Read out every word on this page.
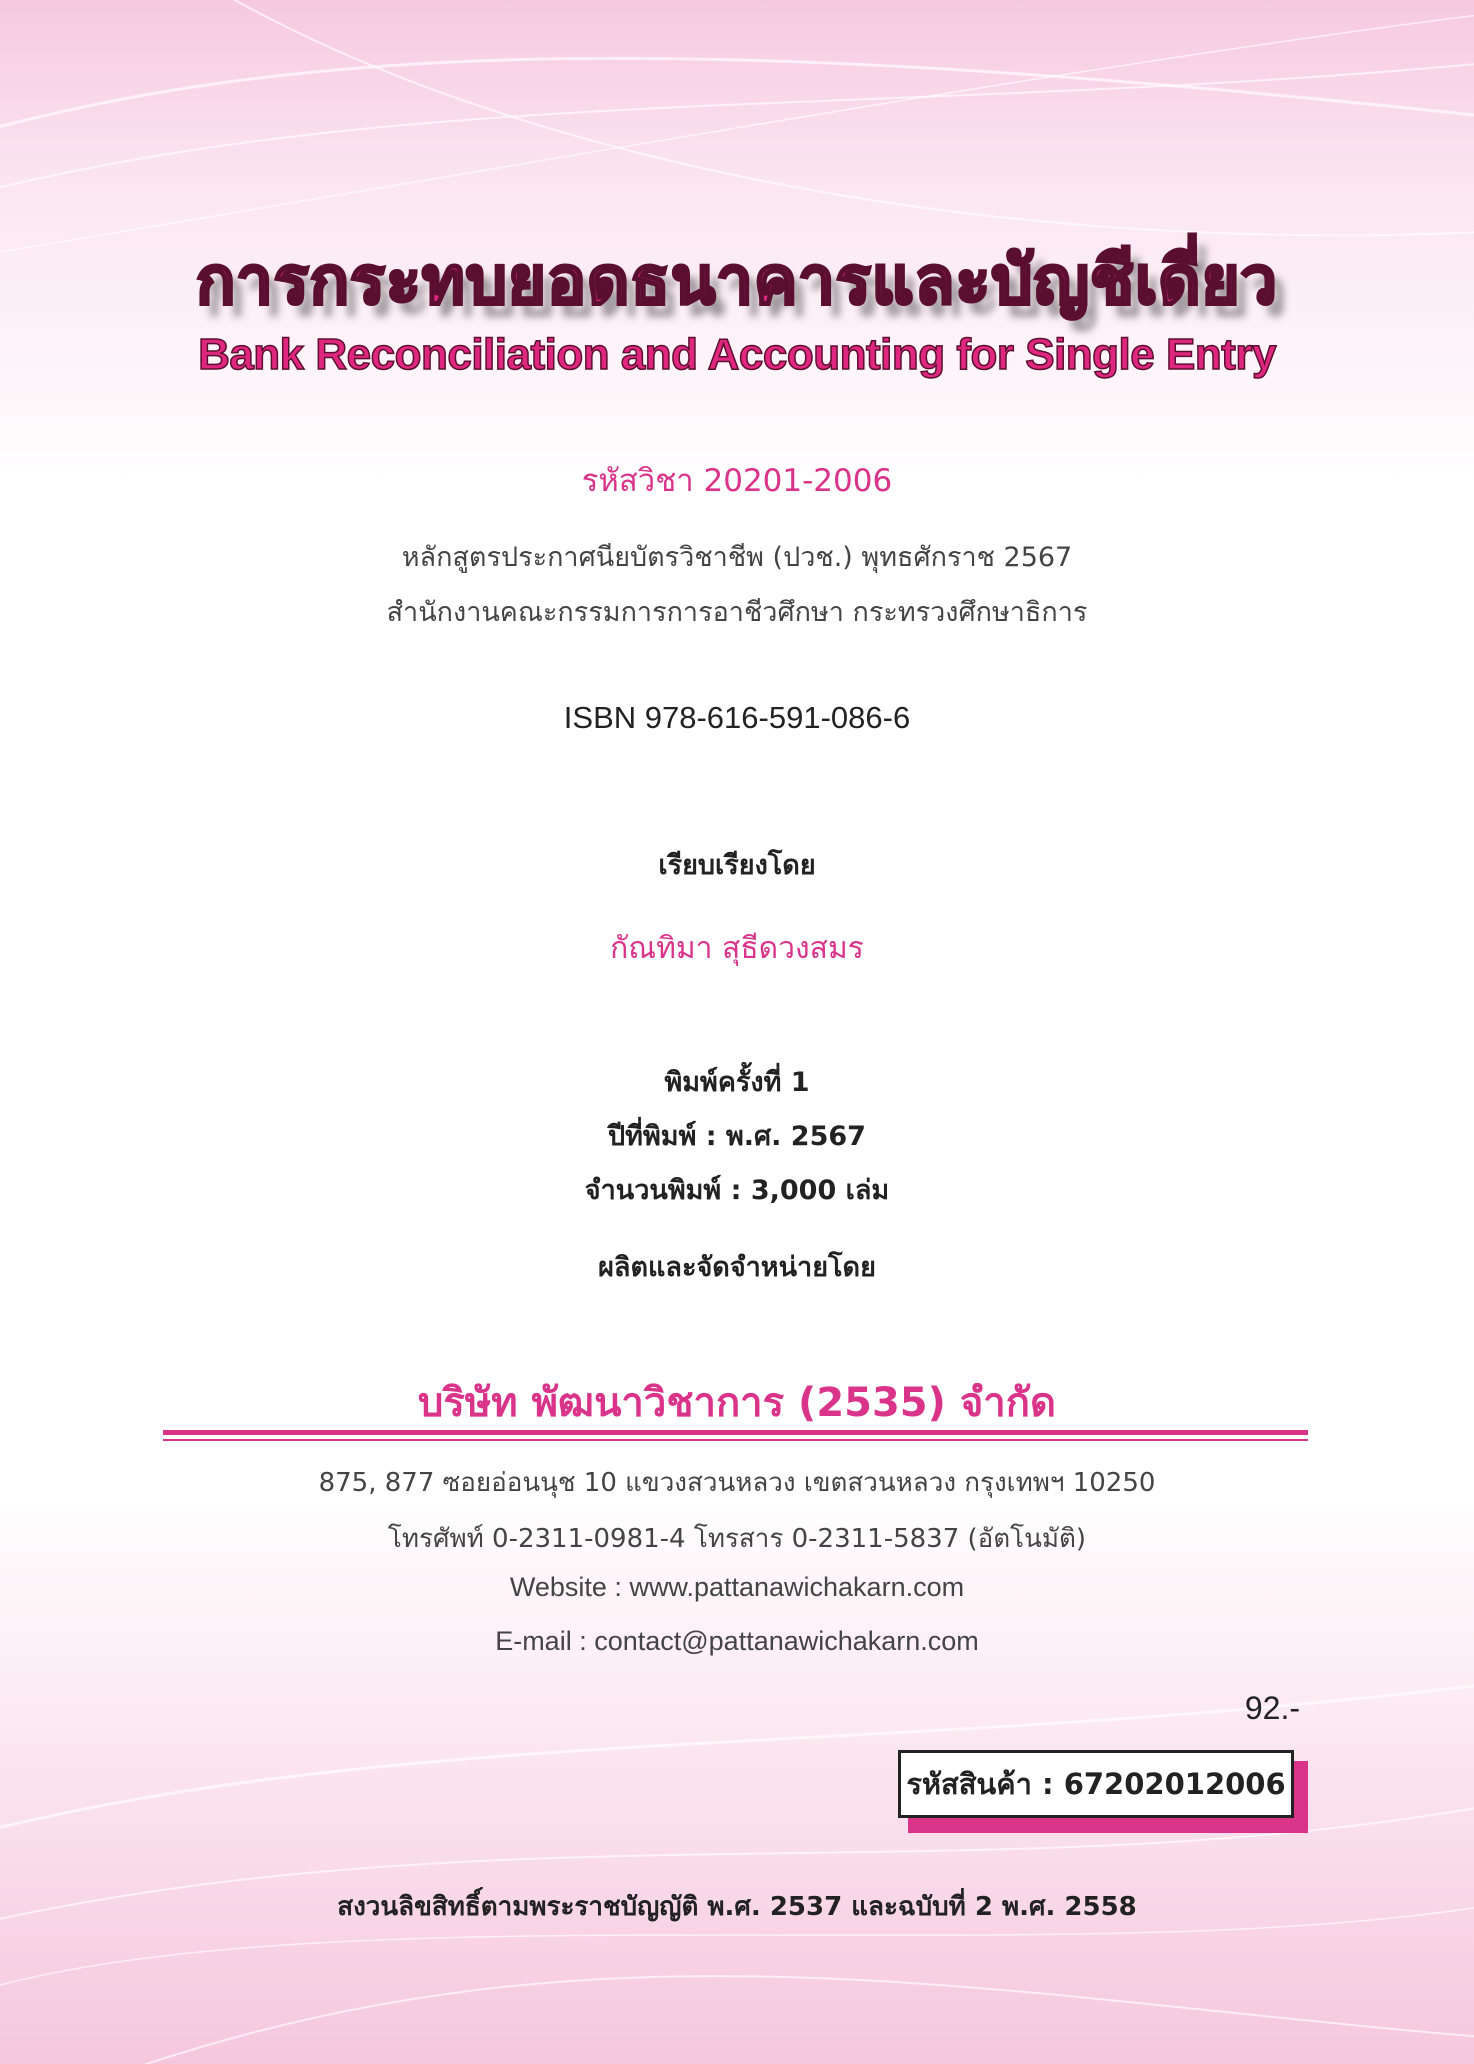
การกระทบยอดธนาคารและบัญชีเดี่ยว
Bank Reconciliation and Accounting for Single Entry
รหัสวิชา 20201-2006
หลักสูตรประกาศนียบัตรวิชาชีพ (ปวช.) พุทธศักราช 2567
สำนักงานคณะกรรมการการอาชีวศึกษา กระทรวงศึกษาธิการ
ISBN 978-616-591-086-6
เรียบเรียงโดย
กัณทิมา สุธีดวงสมร
พิมพ์ครั้งที่ 1
ปีที่พิมพ์ : พ.ศ. 2567
จำนวนพิมพ์ : 3,000 เล่ม
ผลิตและจัดจำหน่ายโดย
บริษัท พัฒนาวิชาการ (2535) จำกัด
875, 877 ซอยอ่อนนุช 10 แขวงสวนหลวง เขตสวนหลวง กรุงเทพฯ 10250
โทรศัพท์ 0-2311-0981-4 โทรสาร 0-2311-5837 (อัตโนมัติ)
Website : www.pattanawichakarn.com
E-mail : contact@pattanawichakarn.com
92.-
รหัสสินค้า : 67202012006
สงวนลิขสิทธิ์ตามพระราชบัญญัติ พ.ศ. 2537 และฉบับที่ 2 พ.ศ. 2558
